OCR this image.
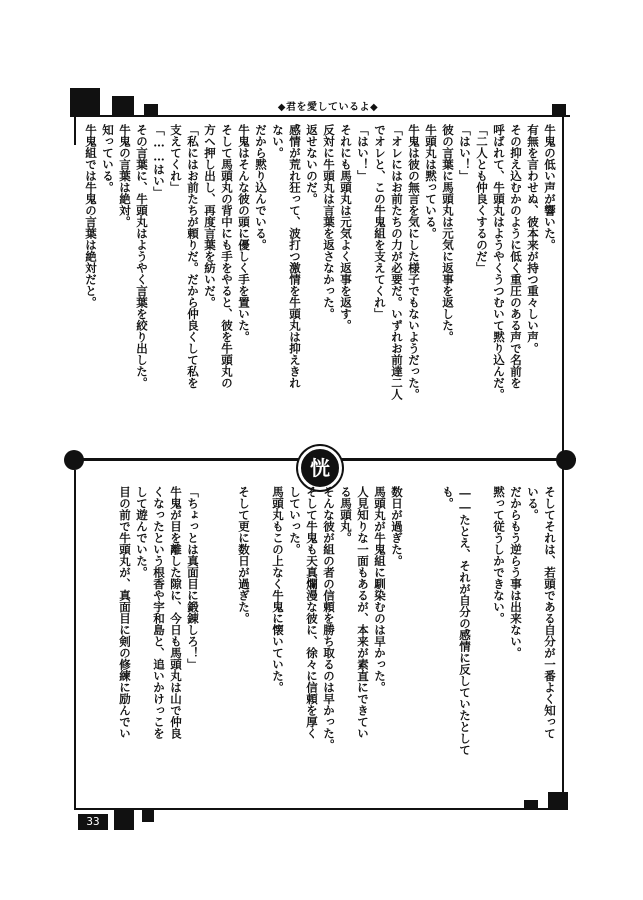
◆君を愛しているよ◆
牛鬼の低い声が響いた。
有無を言わせぬ、彼本来が持つ重々しい声。
その抑え込むかのように低く重圧のある声で名前を
呼ばれて、牛頭丸はようやくうつむいて黙り込んだ。
「二人とも仲良くするのだ」
「はい！」
彼の言葉に馬頭丸は元気に返事を返した。
牛頭丸は黙っている。
牛鬼は彼の無言を気にした様子でもないようだった。
「オレにはお前たちの力が必要だ。いずれお前達二人
でオレと、この牛鬼組を支えてくれ」
「はい！」
それにも馬頭丸は元気よく返事を返す。
反対に牛頭丸は言葉を返さなかった。
返せないのだ。
感情が荒れ狂って、波打つ激情を牛頭丸は抑えきれ
ない。
だから黙り込んでいる。
牛鬼はそんな彼の頭に優しく手を置いた。
そして馬頭丸の背中にも手をやると、彼を牛頭丸の
方へ押し出し、再度言葉を紡いだ。
「私にはお前たちが頼りだ。だから仲良くして私を
支えてくれ」
「……はい」
その言葉に、牛頭丸はようやく言葉を絞り出した。
牛鬼の言葉は絶対。
知っている。
牛鬼組では牛鬼の言葉は絶対だと。
恍
そしてそれは、若頭である自分が一番よく知って
いる。
だからもう逆らう事は出来ない。
黙って従うしかできない。
――たとえ、それが自分の感情に反していたとして
も。
数日が過ぎた。
馬頭丸が牛鬼組に馴染むのは早かった。
人見知りな一面もあるが、本来が素直にできてい
る馬頭丸。
そんな彼が組の者の信頼を勝ち取るのは早かった。
そして牛鬼も天真爛漫な彼に、徐々に信頼を厚く
していった。
馬頭丸もこの上なく牛鬼に懐いていた。
そして更に数日が過ぎた。
「ちょっとは真面目に鍛錬しろ！」
牛鬼が目を離した隙に、今日も馬頭丸は山で仲良
くなったという根香や宇和島と、追いかけっこを
して遊んでいた。
目の前で牛頭丸が、真面目に剣の修練に励んでい
33
